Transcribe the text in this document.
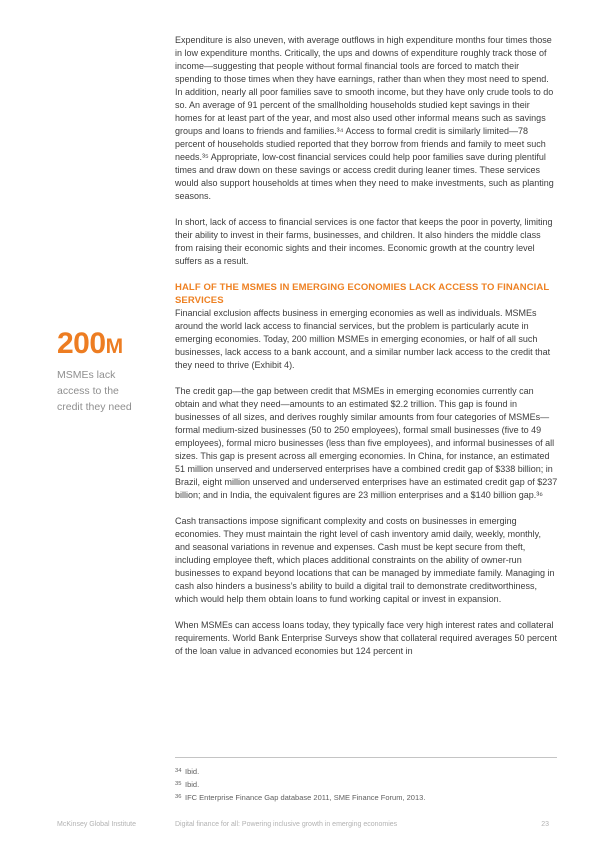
200M
MSMEs lack access to the credit they need

Expenditure is also uneven, with average outflows in high expenditure months four times those in low expenditure months. Critically, the ups and downs of expenditure roughly track those of income—suggesting that people without formal financial tools are forced to match their spending to those times when they have earnings, rather than when they most need to spend. In addition, nearly all poor families save to smooth income, but they have only crude tools to do so. An average of 91 percent of the smallholding households studied kept savings in their homes for at least part of the year, and most also used other informal means such as savings groups and loans to friends and families.³⁴ Access to formal credit is similarly limited—78 percent of households studied reported that they borrow from friends and family to meet such needs.³⁵ Appropriate, low-cost financial services could help poor families save during plentiful times and draw down on these savings or access credit during leaner times. These services would also support households at times when they need to make investments, such as planting seasons.

In short, lack of access to financial services is one factor that keeps the poor in poverty, limiting their ability to invest in their farms, businesses, and children. It also hinders the middle class from raising their economic sights and their incomes. Economic growth at the country level suffers as a result.

HALF OF THE MSMES IN EMERGING ECONOMIES LACK ACCESS TO FINANCIAL SERVICES

Financial exclusion affects business in emerging economies as well as individuals. MSMEs around the world lack access to financial services, but the problem is particularly acute in emerging economies. Today, 200 million MSMEs in emerging economies, or half of all such businesses, lack access to a bank account, and a similar number lack access to the credit that they need to thrive (Exhibit 4).

The credit gap—the gap between credit that MSMEs in emerging economies currently can obtain and what they need—amounts to an estimated $2.2 trillion. This gap is found in businesses of all sizes, and derives roughly similar amounts from four categories of MSMEs—formal medium-sized businesses (50 to 250 employees), formal small businesses (five to 49 employees), formal micro businesses (less than five employees), and informal businesses of all sizes. This gap is present across all emerging economies. In China, for instance, an estimated 51 million unserved and underserved enterprises have a combined credit gap of $338 billion; in Brazil, eight million unserved and underserved enterprises have an estimated credit gap of $237 billion; and in India, the equivalent figures are 23 million enterprises and a $140 billion gap.³⁶

Cash transactions impose significant complexity and costs on businesses in emerging economies. They must maintain the right level of cash inventory amid daily, weekly, monthly, and seasonal variations in revenue and expenses. Cash must be kept secure from theft, including employee theft, which places additional constraints on the ability of owner-run businesses to expand beyond locations that can be managed by immediate family. Managing in cash also hinders a business’s ability to build a digital trail to demonstrate creditworthiness, which would help them obtain loans to fund working capital or invest in expansion.

When MSMEs can access loans today, they typically face very high interest rates and collateral requirements. World Bank Enterprise Surveys show that collateral required averages 50 percent of the loan value in advanced economies but 124 percent in

34 Ibid.
35 Ibid.
36 IFC Enterprise Finance Gap database 2011, SME Finance Forum, 2013.
McKinsey Global Institute	Digital finance for all: Powering inclusive growth in emerging economies	23
